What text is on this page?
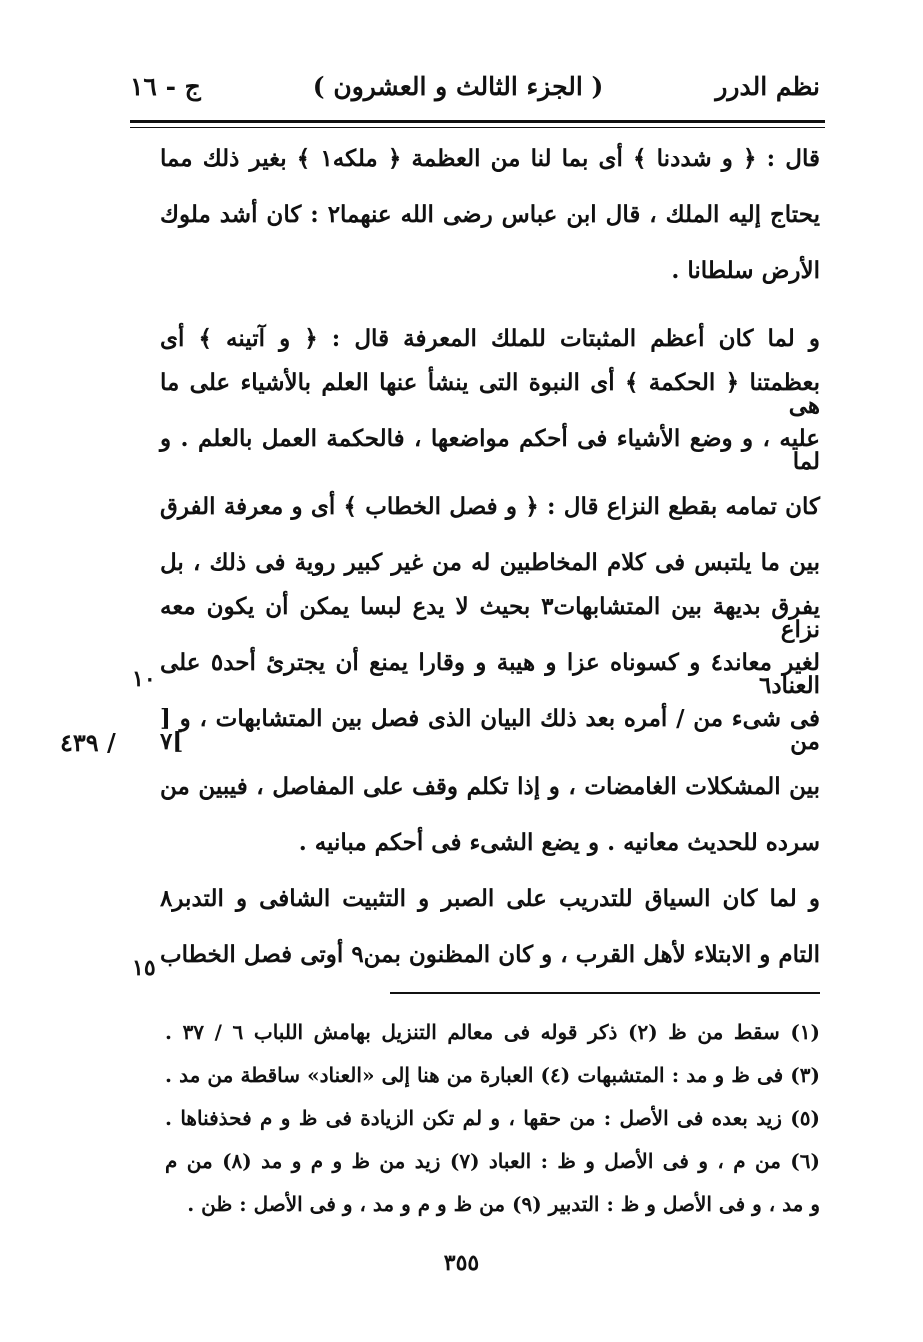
نظم الدرر
( الجزء الثالث و العشرون )
ج - ١٦
قال : ﴿ و شددنا ﴾ أى بما لنا من العظمة ﴿ ملكه١ ﴾ بغير ذلك مما
يحتاج إليه الملك ، قال ابن عباس رضى الله عنهما٢ : كان أشد ملوك
الأرض سلطانا .
و لما كان أعظم المثبتات للملك المعرفة قال : ﴿ و آتينه ﴾ أى
بعظمتنا ﴿ الحكمة ﴾ أى النبوة التى ينشأ عنها العلم بالأشياء على ما هى
عليه ، و وضع الأشياء فى أحكم مواضعها ، فالحكمة العمل بالعلم . و لما
كان تمامه بقطع النزاع قال : ﴿ و فصل الخطاب ﴾ أى و معرفة الفرق
بين ما يلتبس فى كلام المخاطبين له من غير كبير روية فى ذلك ، بل
يفرق بديهة بين المتشابهات٣ بحيث لا يدع لبسا يمكن أن يكون معه نزاع
لغير معاند٤ و كسوناه عزا و هيبة و وقارا يمنع أن يجترئ أحد٥ على العناد٦
فى شىء من / أمره بعد ذلك البيان الذى فصل بين المتشابهات ، و [ من ]٧
بين المشكلات الغامضات ، و إذا تكلم وقف على المفاصل ، فيبين من
سرده للحديث معانيه . و يضع الشىء فى أحكم مبانيه .
و لما كان السياق للتدريب على الصبر و التثبيت الشافى و التدبر٨
التام و الابتلاء لأهل القرب ، و كان المظنون بمن٩ أوتى فصل الخطاب
١٠
١٥
/ ٤٣٩
(١) سقط من ظ (٢) ذكر قوله فى معالم التنزيل بهامش اللباب ٦ / ٣٧ .
(٣) فى ظ و مد : المتشبهات (٤) العبارة من هنا إلى «العناد» ساقطة من مد .
(٥) زيد بعده فى الأصل : من حقها ، و لم تكن الزيادة فى ظ و م فحذفناها .
(٦) من م ، و فى الأصل و ظ : العباد (٧) زيد من ظ و م و مد (٨) من م
و مد ، و فى الأصل و ظ : التدبير (٩) من ظ و م و مد ، و فى الأصل : ظن .
٣٥٥
